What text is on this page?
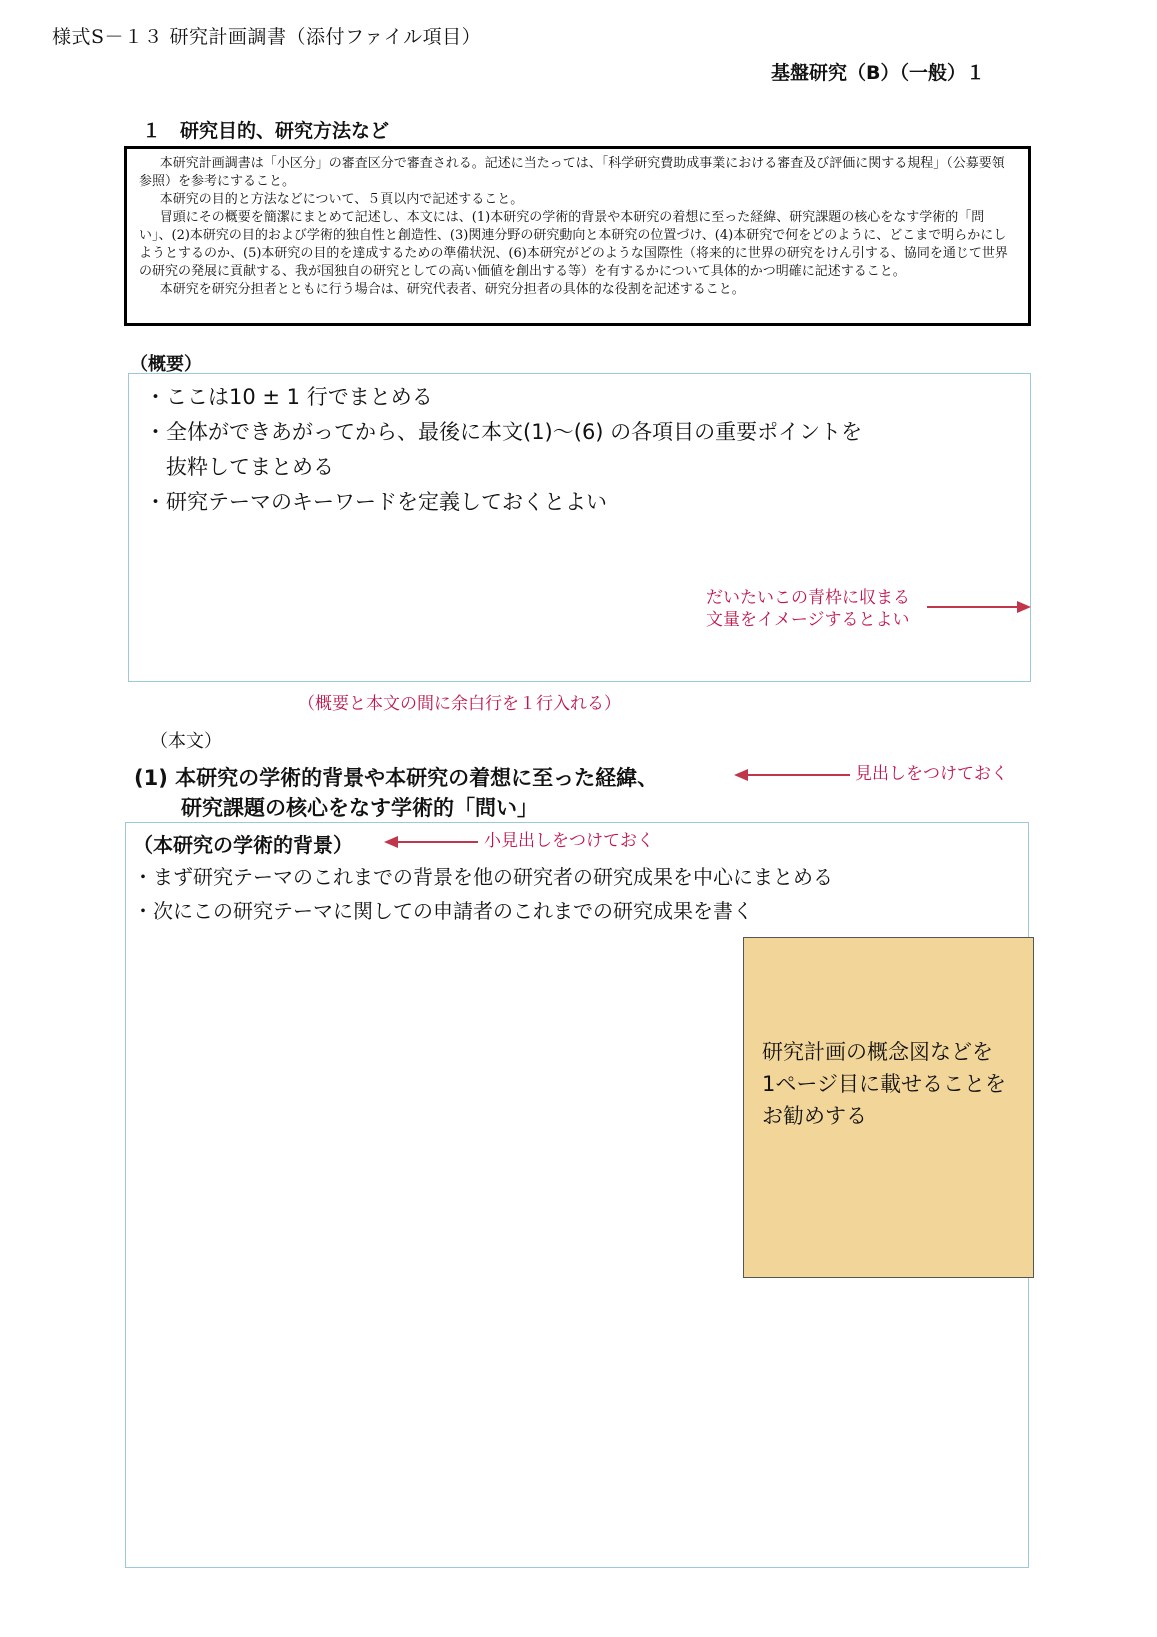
様式S－１３ 研究計画調書（添付ファイル項目）
基盤研究（B）（一般）１
１　研究目的、研究方法など

本研究計画調書は「小区分」の審査区分で審査される。記述に当たっては、「科学研究費助成事業における審査及び評価に関する規程」（公募要領参照）を参考にすること。

本研究の目的と方法などについて、５頁以内で記述すること。

冒頭にその概要を簡潔にまとめて記述し、本文には、(1)本研究の学術的背景や本研究の着想に至った経緯、研究課題の核心をなす学術的「問い」、(2)本研究の目的および学術的独自性と創造性、(3)関連分野の研究動向と本研究の位置づけ、(4)本研究で何をどのように、どこまで明らかにしようとするのか、(5)本研究の目的を達成するための準備状況、(6)本研究がどのような国際性（将来的に世界の研究をけん引する、協同を通じて世界の研究の発展に貢献する、我が国独自の研究としての高い価値を創出する等）を有するかについて具体的かつ明確に記述すること。

本研究を研究分担者とともに行う場合は、研究代表者、研究分担者の具体的な役割を記述すること。

（概要）
・ここは10 ± 1 行でまとめる
・全体ができあがってから、最後に本文(1)〜(6) の各項目の重要ポイントを
　抜粋してまとめる
・研究テーマのキーワードを定義しておくとよい
だいたいこの青枠に収まる
文量をイメージするとよい
（概要と本文の間に余白行を１行入れる）
（本文）
(1) 本研究の学術的背景や本研究の着想に至った経緯、
研究課題の核心をなす学術的「問い」
見出しをつけておく
（本研究の学術的背景）	小見出しをつけておく
・まず研究テーマのこれまでの背景を他の研究者の研究成果を中心にまとめる
・次にこの研究テーマに関しての申請者のこれまでの研究成果を書く
研究計画の概念図などを
1ページ目に載せることを
お勧めする
